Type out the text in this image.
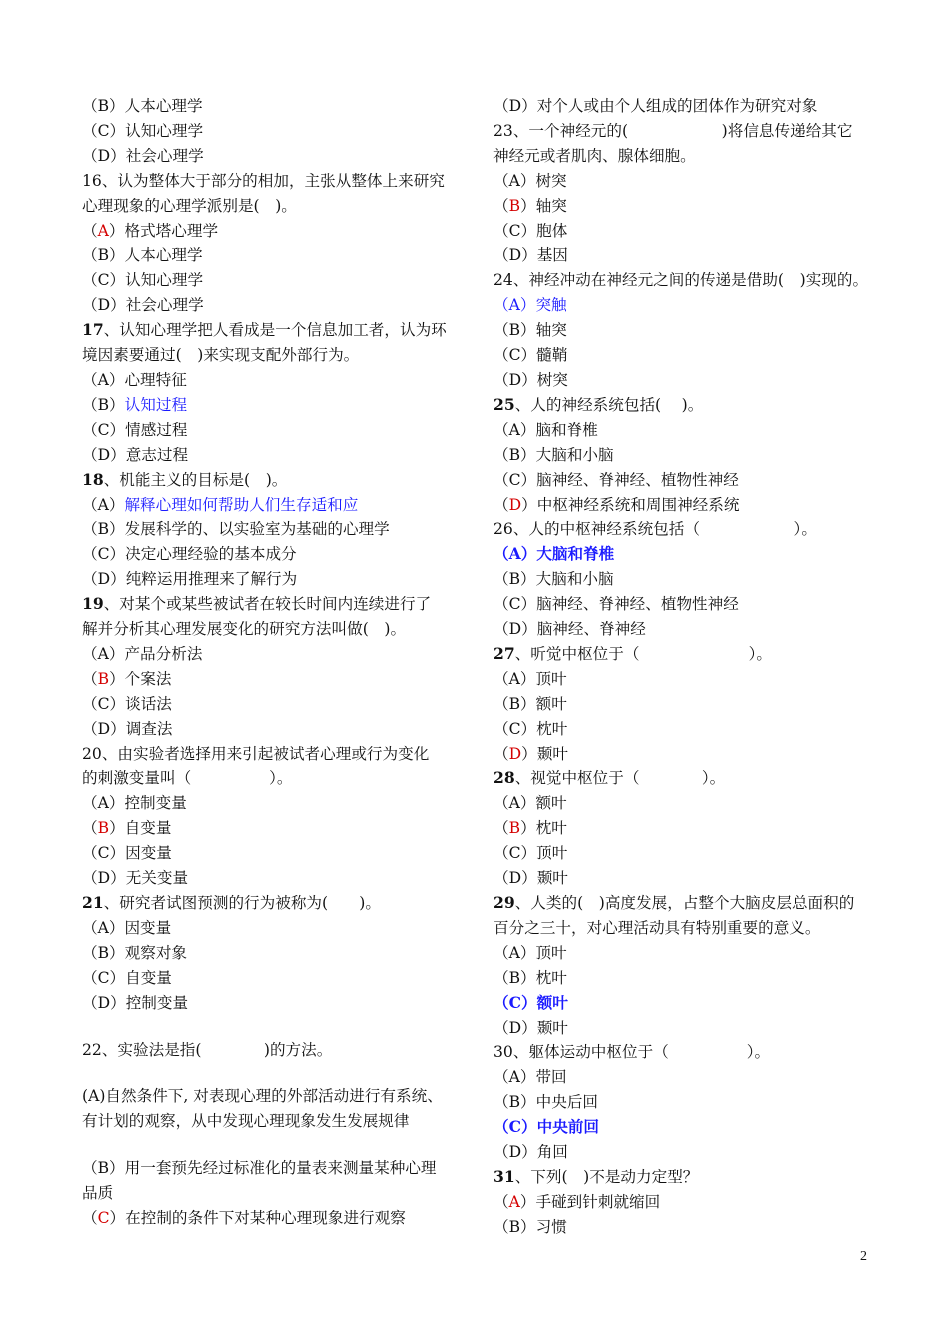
（B）人本心理学
（C）认知心理学
（D）社会心理学
16、认为整体大于部分的相加，主张从整体上来研究
心理现象的心理学派别是(　)。
（A）格式塔心理学
（B）人本心理学
（C）认知心理学
（D）社会心理学
17、认知心理学把人看成是一个信息加工者，认为环
境因素要通过(　)来实现支配外部行为。
（A）心理特征
（B）认知过程
（C）情感过程
（D）意志过程
18、机能主义的目标是(　)。
（A）解释心理如何帮助人们生存适和应
（B）发展科学的、以实验室为基础的心理学
（C）决定心理经验的基本成分
（D）纯粹运用推理来了解行为
19、对某个或某些被试者在较长时间内连续进行了
解并分析其心理发展变化的研究方法叫做(　)。
（A）产品分析法
（B）个案法
（C）谈话法
（D）调查法
20、由实验者选择用来引起被试者心理或行为变化
的刺激变量叫（　　　　　）。
（A）控制变量
（B）自变量
（C）因变量
（D）无关变量
21、研究者试图预测的行为被称为(　　)。
（A）因变量
（B）观察对象
（C）自变量
（D）控制变量
22、实验法是指(　　　　)的方法。
(A)自然条件下, 对表现心理的外部活动进行有系统、
有计划的观察，从中发现心理现象发生发展规律
（B）用一套预先经过标准化的量表来测量某种心理
品质
（C）在控制的条件下对某种心理现象进行观察
（D）对个人或由个人组成的团体作为研究对象
23、一个神经元的(　　　　　　)将信息传递给其它
神经元或者肌肉、腺体细胞。
（A）树突
（B）轴突
（C）胞体
（D）基因
24、神经冲动在神经元之间的传递是借助(　)实现的。
（A）突触
（B）轴突
（C）髓鞘
（D）树突
25、人的神经系统包括(　 )。
（A）脑和脊椎
（B）大脑和小脑
（C）脑神经、脊神经、植物性神经
（D）中枢神经系统和周围神经系统
26、人的中枢神经系统包括（　　　　　　）。
（A）大脑和脊椎
（B）大脑和小脑
（C）脑神经、脊神经、植物性神经
（D）脑神经、脊神经
27、听觉中枢位于（　　　　　　　）。
（A）顶叶
（B）额叶
（C）枕叶
（D）颞叶
28、视觉中枢位于（　　　　）。
（A）额叶
（B）枕叶
（C）顶叶
（D）颞叶
29、人类的(　)高度发展，占整个大脑皮层总面积的
百分之三十，对心理活动具有特别重要的意义。
（A）顶叶
（B）枕叶
（C）额叶
（D）颞叶
30、躯体运动中枢位于（　　　　　）。
（A）带回
（B）中央后回
（C）中央前回
（D）角回
31、下列(　)不是动力定型？
（A）手碰到针刺就缩回
（B）习惯
2
